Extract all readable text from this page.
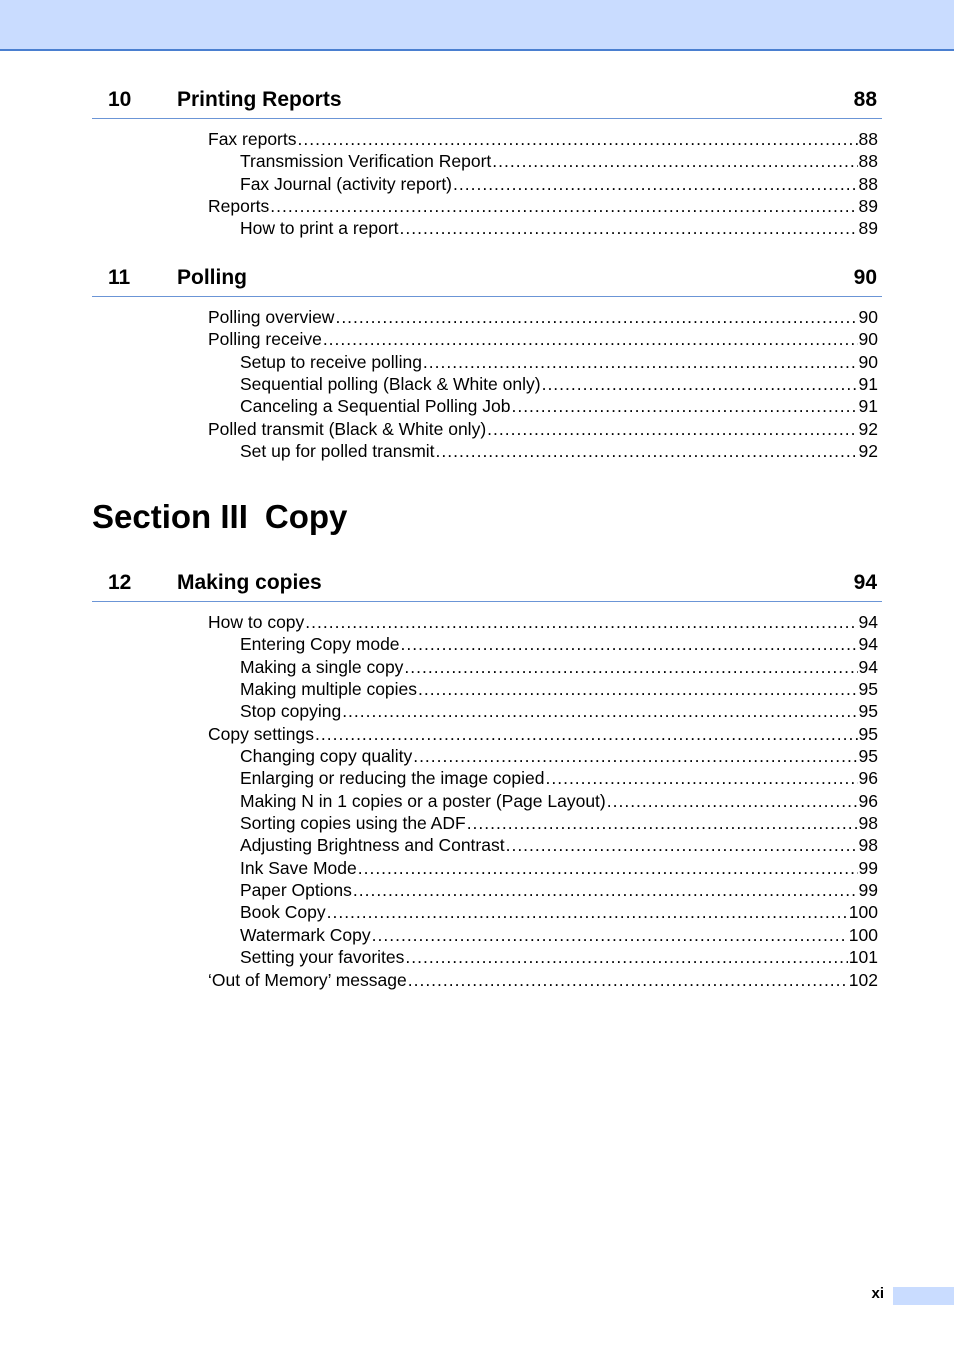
10 Printing Reports	88
Fax reports .....	88
Transmission Verification Report .....	88
Fax Journal (activity report) .....	88
Reports .....	89
How to print a report .....	89
11 Polling	90
Polling overview .....	90
Polling receive .....	90
Setup to receive polling .....	90
Sequential polling (Black & White only) .....	91
Canceling a Sequential Polling Job .....	91
Polled transmit (Black & White only) .....	92
Set up for polled transmit .....	92
Section III Copy
12 Making copies	94
How to copy .....	94
Entering Copy mode .....	94
Making a single copy .....	94
Making multiple copies .....	95
Stop copying .....	95
Copy settings .....	95
Changing copy quality .....	95
Enlarging or reducing the image copied .....	96
Making N in 1 copies or a poster (Page Layout) .....	96
Sorting copies using the ADF .....	98
Adjusting Brightness and Contrast .....	98
Ink Save Mode .....	99
Paper Options .....	99
Book Copy .....	100
Watermark Copy .....	100
Setting your favorites .....	101
‘Out of Memory’ message .....	102
xi
